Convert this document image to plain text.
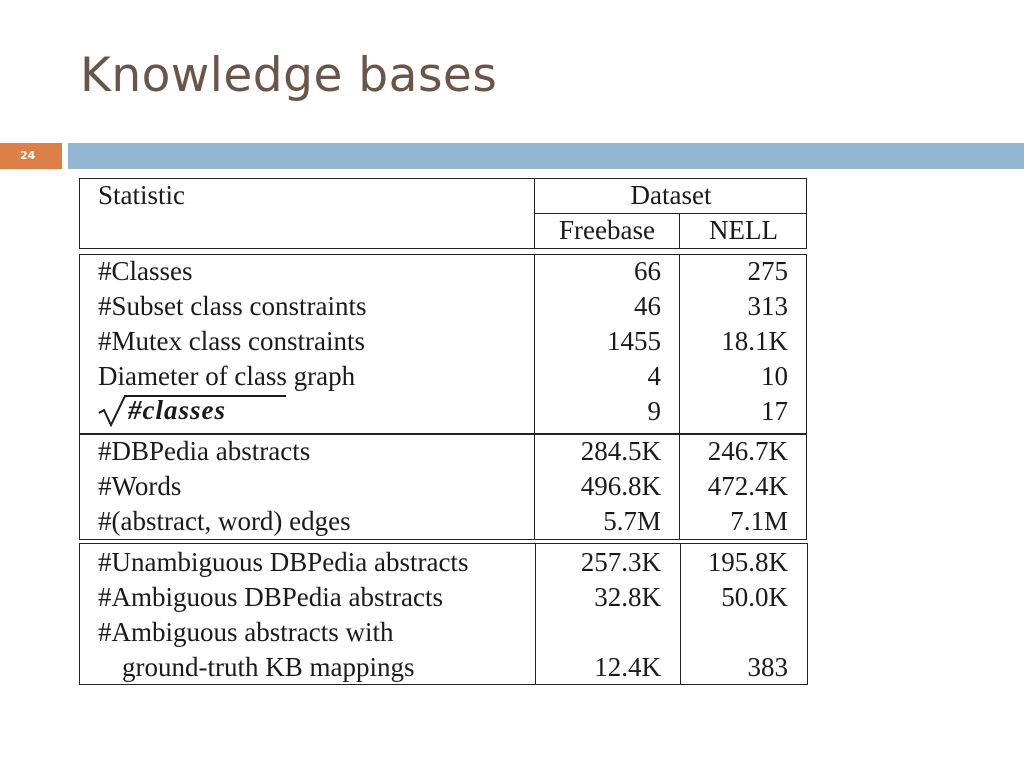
Knowledge bases
24
Statistic	Dataset
Freebase	NELL
#Classes	66	275
#Subset class constraints	46	313
#Mutex class constraints	1455	18.1K
Diameter of class graph	4	10
#classes	9	17
#DBPedia abstracts	284.5K	246.7K
#Words	496.8K	472.4K
#(abstract, word) edges	5.7M	7.1M
#Unambiguous DBPedia abstracts	257.3K	195.8K
#Ambiguous DBPedia abstracts	32.8K	50.0K
#Ambiguous abstracts with
ground-truth KB mappings	12.4K	383
